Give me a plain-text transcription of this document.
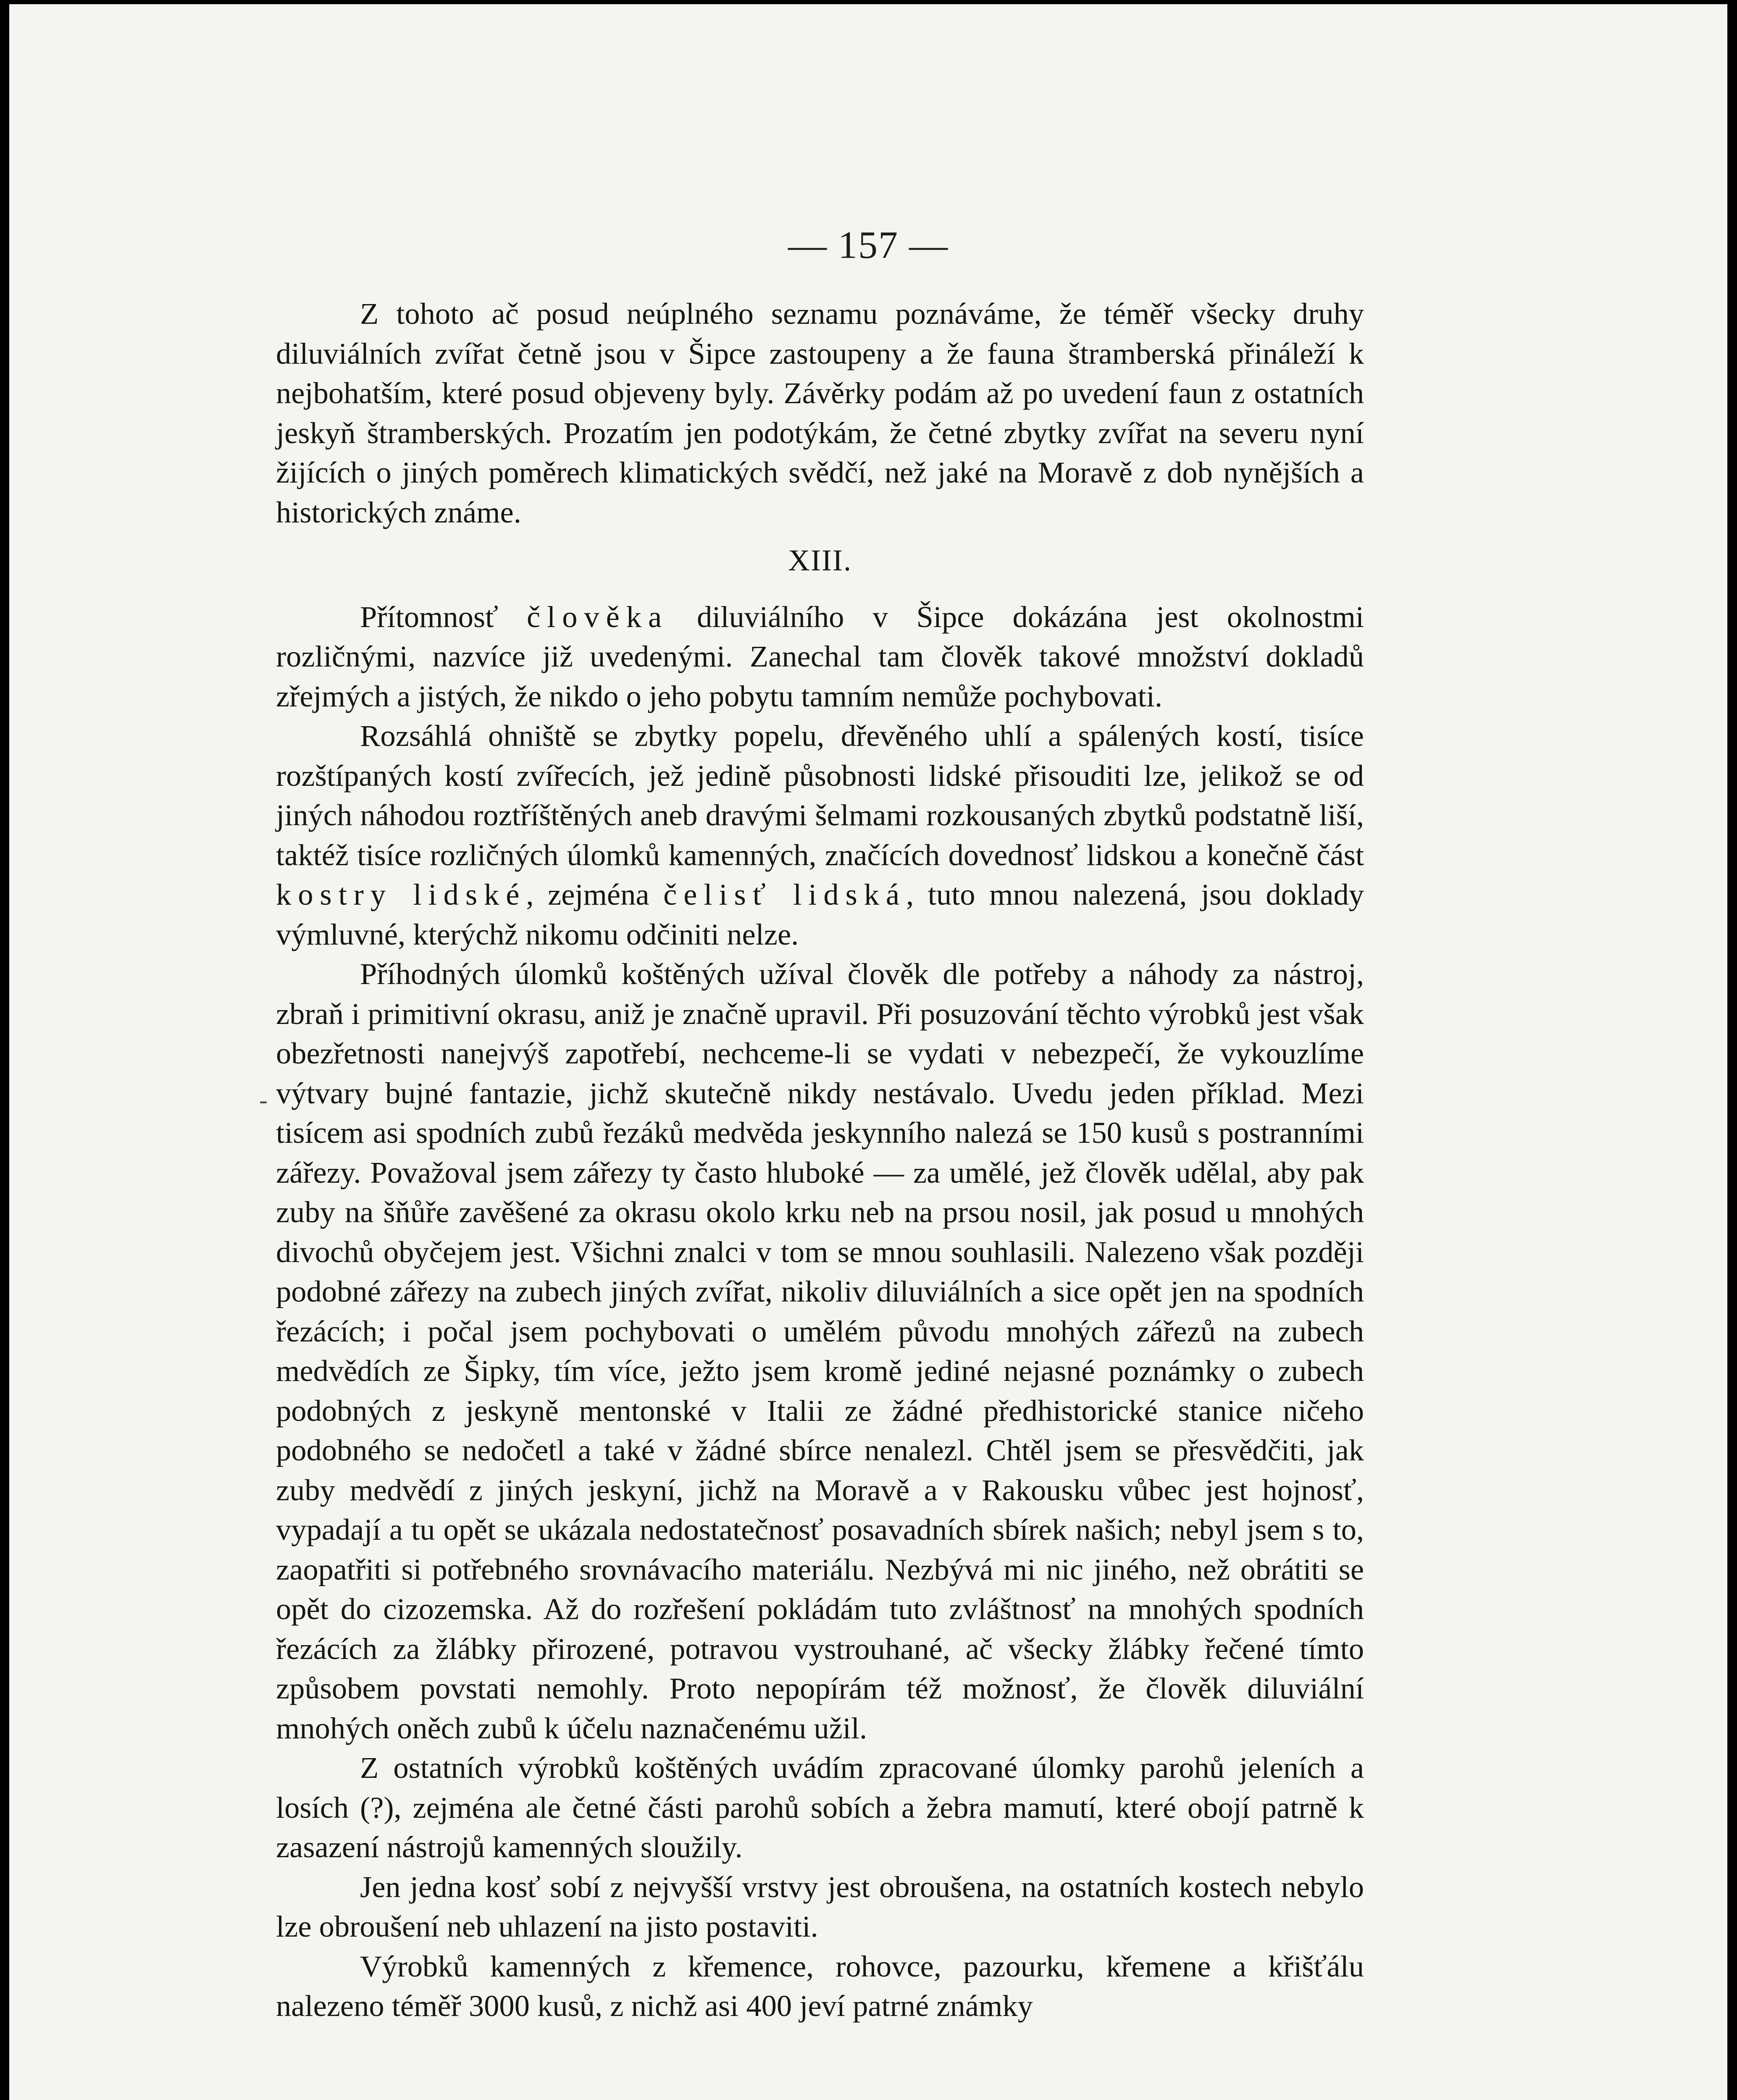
— 157 —
-

Z tohoto ač posud neúplného seznamu poznáváme, že téměř všecky druhy diluviálních zvířat četně jsou v Šipce zastoupeny a že fauna štramberská přináleží k nejbohatším, které posud objeveny byly. Závěrky podám až po uvedení faun z ostatních jeskyň štramberských. Prozatím jen podotýkám, že četné zbytky zvířat na severu nyní žijících o jiných poměrech klimatických svědčí, než jaké na Moravě z dob nynějších a historických známe.

XIII.

Přítomnosť člověka diluviálního v Šipce dokázána jest okolnostmi rozličnými, nazvíce již uvedenými. Zanechal tam člověk takové množství dokladů zřejmých a jistých, že nikdo o jeho pobytu tamním nemůže pochybovati.

Rozsáhlá ohniště se zbytky popelu, dřevěného uhlí a spálených kostí, tisíce rozštípaných kostí zvířecích, jež jedině působnosti lidské přisouditi lze, jelikož se od jiných náhodou roztříštěných aneb dravými šelmami rozkousaných zbytků podstatně liší, taktéž tisíce rozličných úlomků kamenných, značících dovednosť lidskou a konečně část kostry lidské, zejména čelisť lidská, tuto mnou nalezená, jsou doklady výmluvné, kterýchž nikomu odčiniti nelze.

Příhodných úlomků koštěných užíval člověk dle potřeby a náhody za nástroj, zbraň i primitivní okrasu, aniž je značně upravil. Při posuzování těchto výrobků jest však obezřetnosti nanejvýš zapotřebí, nechceme-li se vydati v nebezpečí, že vykouzlíme výtvary bujné fantazie, jichž skutečně nikdy nestávalo. Uvedu jeden příklad. Mezi tisícem asi spodních zubů řezáků medvěda jeskynního nalezá se 150 kusů s postranními zářezy. Považoval jsem zářezy ty často hluboké — za umělé, jež člověk udělal, aby pak zuby na šňůře zavěšené za okrasu okolo krku neb na prsou nosil, jak posud u mnohých divochů obyčejem jest. Všichni znalci v tom se mnou souhlasili. Nalezeno však později podobné zářezy na zubech jiných zvířat, nikoliv diluviálních a sice opět jen na spodních řezácích; i počal jsem pochybovati o umělém původu mnohých zářezů na zubech medvědích ze Šipky, tím více, ježto jsem kromě jediné nejasné poznámky o zubech podobných z jeskyně mentonské v Italii ze žádné předhistorické stanice ničeho podobného se nedočetl a také v žádné sbírce nenalezl. Chtěl jsem se přesvědčiti, jak zuby medvědí z jiných jeskyní, jichž na Moravě a v Rakousku vůbec jest hojnosť, vypadají a tu opět se ukázala nedostatečnosť posavadních sbírek našich; nebyl jsem s to, zaopatřiti si potřebného srovnávacího materiálu. Nezbývá mi nic jiného, než obrátiti se opět do cizozemska. Až do rozřešení pokládám tuto zvláštnosť na mnohých spodních řezácích za žlábky přirozené, potravou vystrouhané, ač všecky žlábky řečené tímto způsobem povstati nemohly. Proto nepopírám též možnosť, že člověk diluviální mnohých oněch zubů k účelu naznačenému užil.

Z ostatních výrobků koštěných uvádím zpracované úlomky parohů jeleních a losích (?), zejména ale četné části parohů sobích a žebra mamutí, které obojí patrně k zasazení nástrojů kamenných sloužily.

Jen jedna kosť sobí z nejvyšší vrstvy jest obroušena, na ostatních kostech nebylo lze obroušení neb uhlazení na jisto postaviti.

Výrobků kamenných z křemence, rohovce, pazourku, křemene a křišťálu nalezeno téměř 3000 kusů, z nichž asi 400 jeví patrné známky
